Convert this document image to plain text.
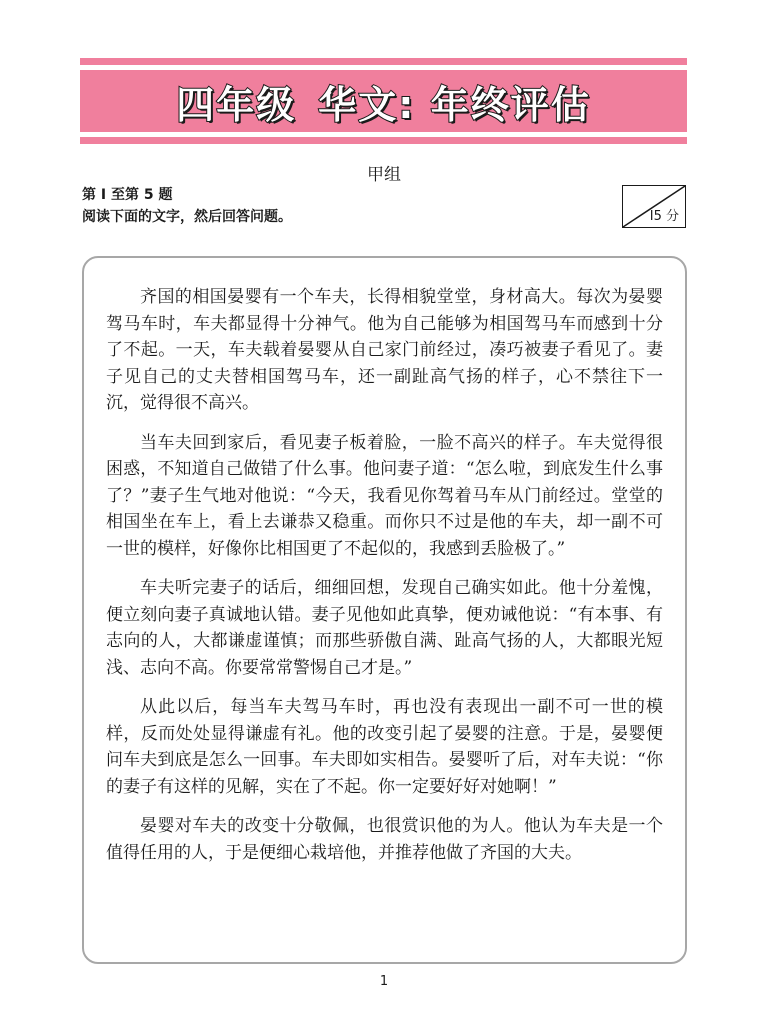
四年级 华文: 年终评估
甲组
第 I 至第 5 题
阅读下面的文字，然后回答问题。	I5 分

齐国的相国晏婴有一个车夫，长得相貌堂堂，身材高大。每次为晏婴驾马车时，车夫都显得十分神气。他为自己能够为相国驾马车而感到十分了不起。一天，车夫载着晏婴从自己家门前经过，凑巧被妻子看见了。妻子见自己的丈夫替相国驾马车，还一副趾高气扬的样子，心不禁往下一沉，觉得很不高兴。

当车夫回到家后，看见妻子板着脸，一脸不高兴的样子。车夫觉得很困惑，不知道自己做错了什么事。他问妻子道：“怎么啦，到底发生什么事了？”妻子生气地对他说：“今天，我看见你驾着马车从门前经过。堂堂的相国坐在车上，看上去谦恭又稳重。而你只不过是他的车夫，却一副不可一世的模样，好像你比相国更了不起似的，我感到丢脸极了。”

车夫听完妻子的话后，细细回想，发现自己确实如此。他十分羞愧，便立刻向妻子真诚地认错。妻子见他如此真挚，便劝诫他说：“有本事、有志向的人，大都谦虚谨慎；而那些骄傲自满、趾高气扬的人，大都眼光短浅、志向不高。你要常常警惕自己才是。”

从此以后，每当车夫驾马车时，再也没有表现出一副不可一世的模样，反而处处显得谦虚有礼。他的改变引起了晏婴的注意。于是，晏婴便问车夫到底是怎么一回事。车夫即如实相告。晏婴听了后，对车夫说：“你的妻子有这样的见解，实在了不起。你一定要好好对她啊！”

晏婴对车夫的改变十分敬佩，也很赏识他的为人。他认为车夫是一个值得任用的人，于是便细心栽培他，并推荐他做了齐国的大夫。

1
